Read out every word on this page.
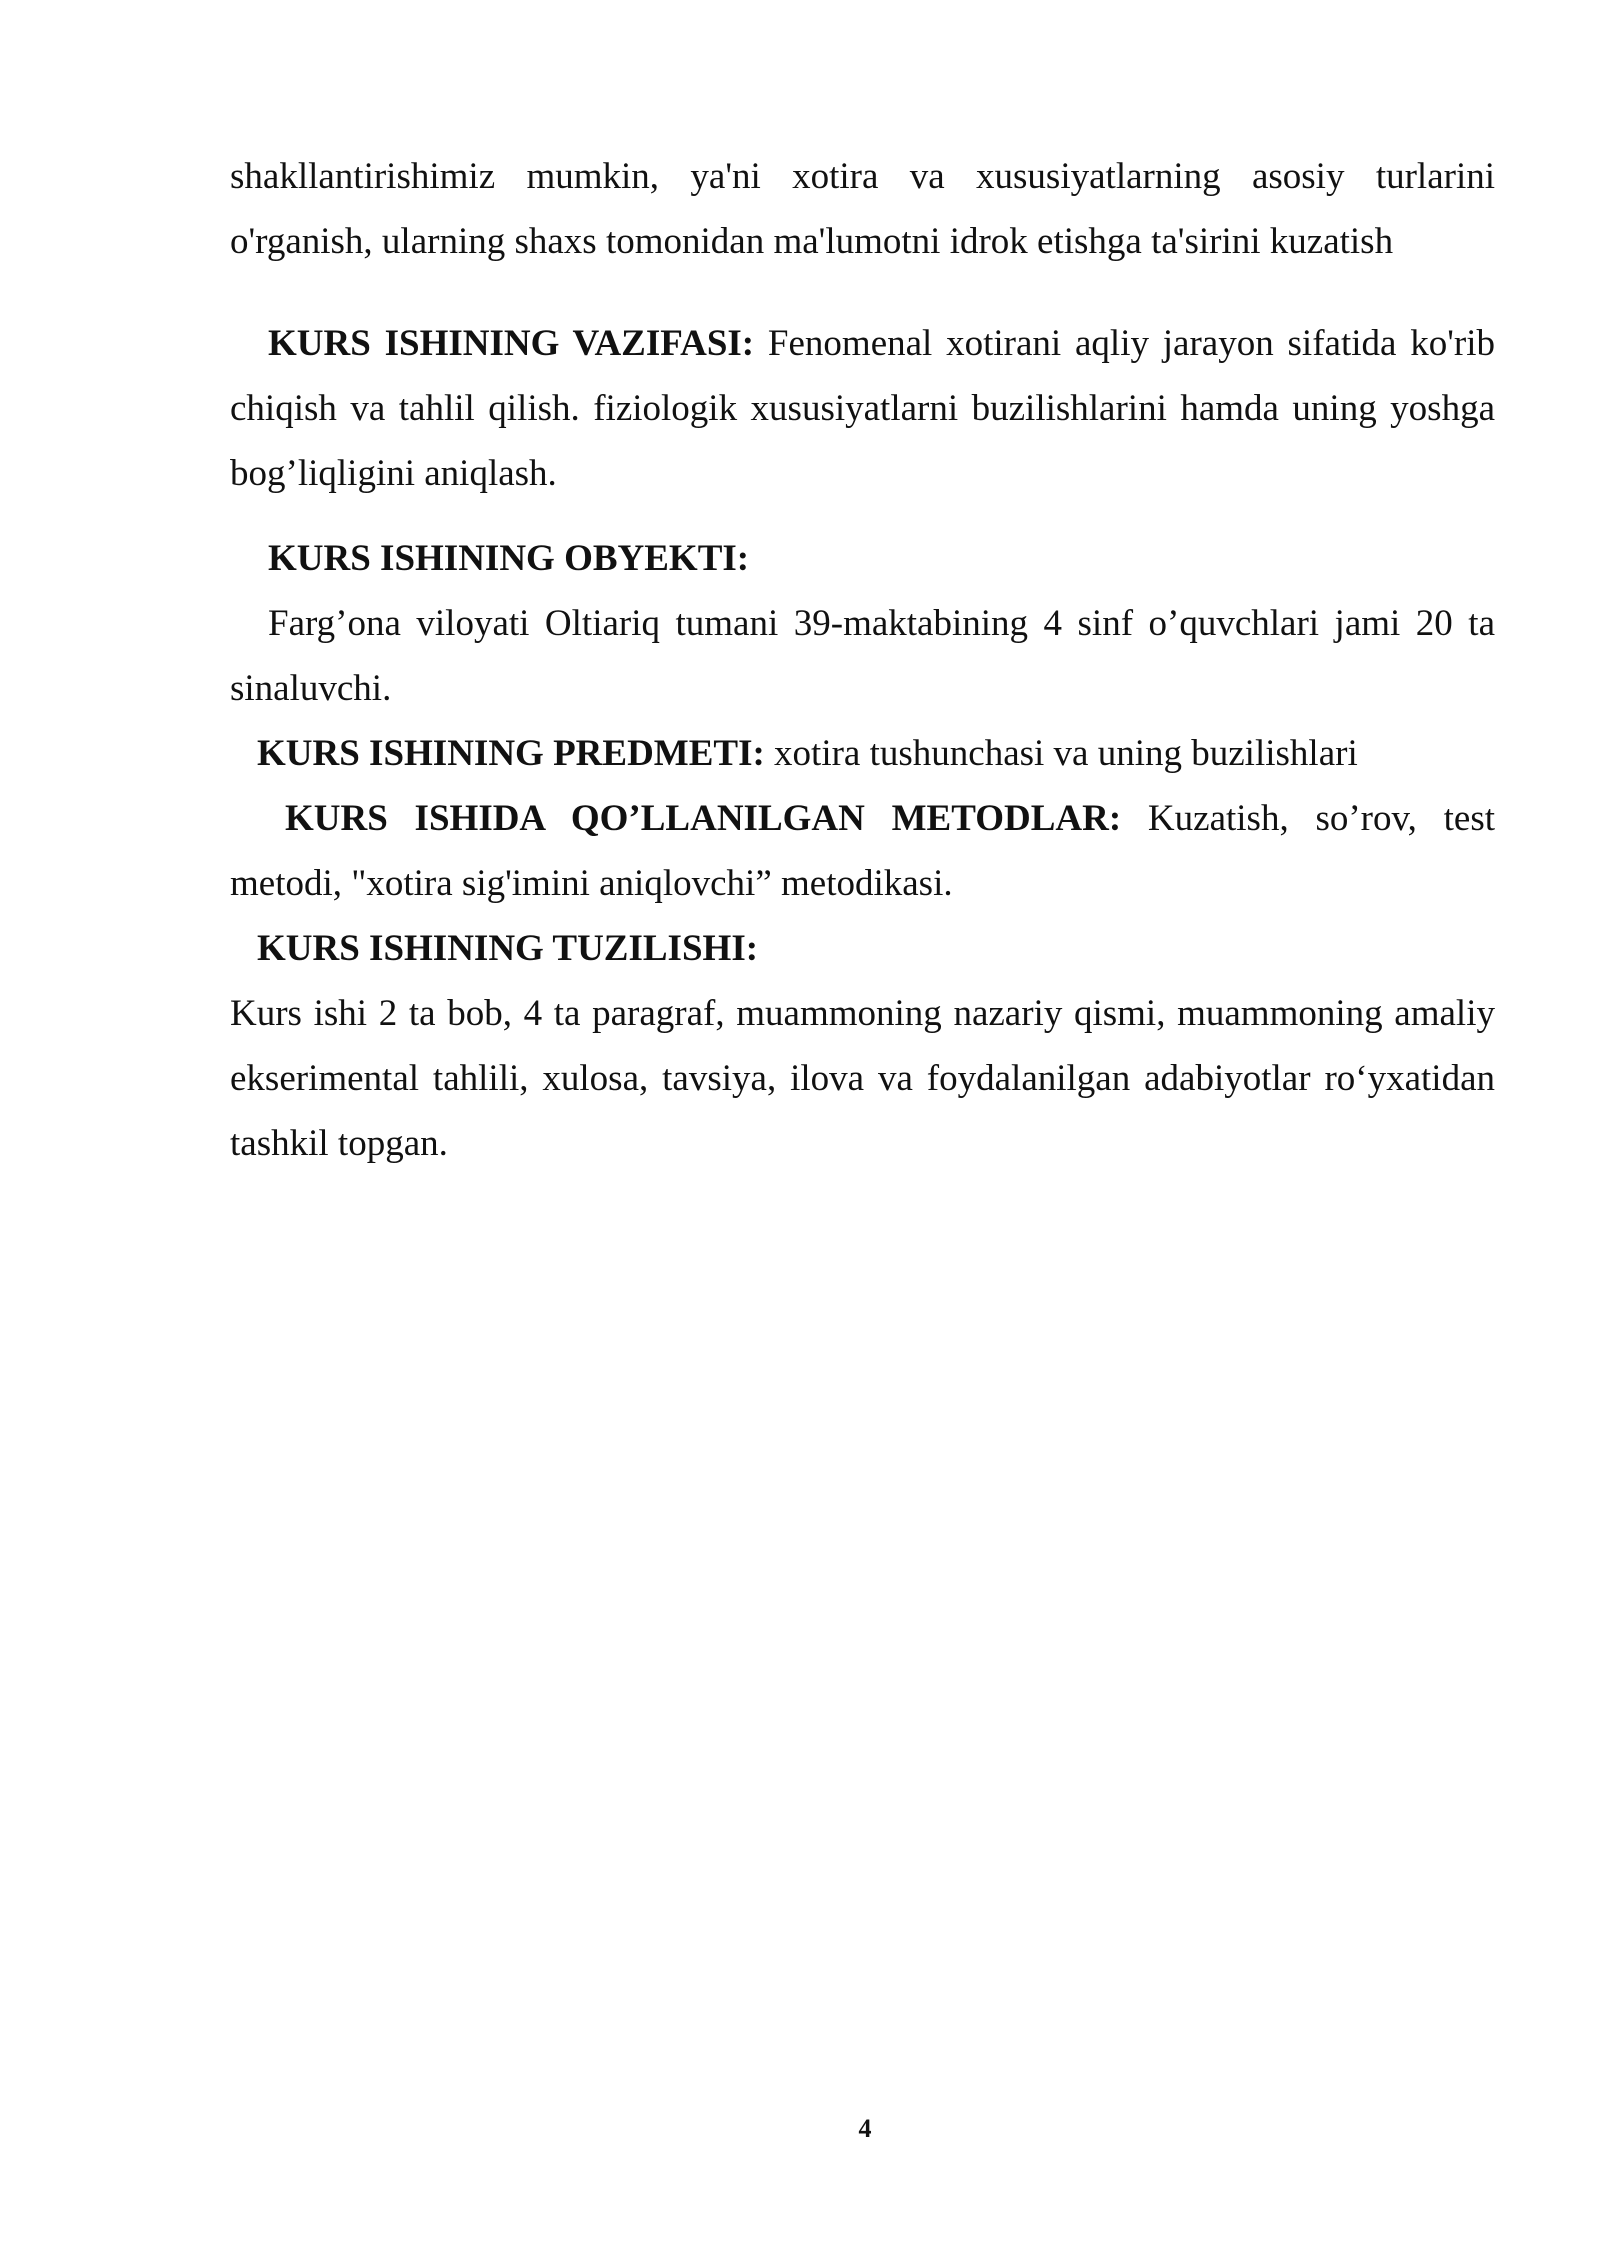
shakllantirishimiz mumkin, ya'ni xotira va xususiyatlarning asosiy turlarini

o'rganish, ularning shaxs tomonidan ma'lumotni idrok etishga ta'sirini kuzatish

KURS ISHINING VAZIFASI: Fenomenal xotirani aqliy jarayon sifatida ko'rib chiqish va tahlil qilish. fiziologik xususiyatlarni buzilishlarini hamda uning yoshga bog’liqligini aniqlash.

KURS ISHINING OBYEKTI:

Farg’ona viloyati Oltiariq tumani 39-maktabining 4 sinf o’quvchlari jami 20 ta sinaluvchi.

KURS ISHINING PREDMETI: xotira tushunchasi va uning buzilishlari

KURS ISHIDA QO’LLANILGAN METODLAR: Kuzatish, so’rov, test metodi, "xotira sig'imini aniqlovchi” metodikasi.

KURS ISHINING TUZILISHI:

Kurs ishi 2 ta bob, 4 ta paragraf, muammoning nazariy qismi, muammoning amaliy ekserimental tahlili, xulosa, tavsiya, ilova va foydalanilgan adabiyotlar ro‘yxatidan tashkil topgan.

4
